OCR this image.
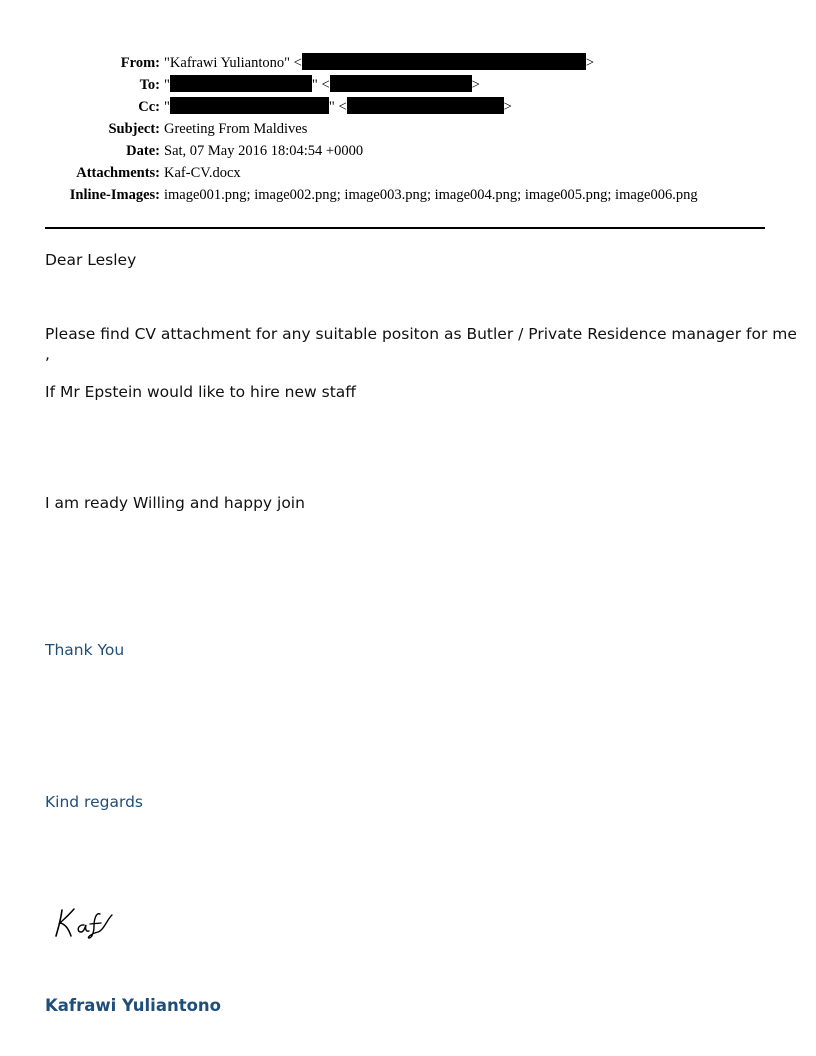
From: "Kafrawi Yuliantono" <	>
To: "	" <	>
Cc: "	" <	>
Subject: Greeting From Maldives
Date: Sat, 07 May 2016 18:04:54 +0000
Attachments: Kaf-CV.docx
Inline-Images: image001.png; image002.png; image003.png; image004.png; image005.png; image006.png
Dear Lesley
Please find CV attachment for any suitable positon as Butler / Private Residence manager for me
,
If Mr Epstein would like to hire new staff
I am ready Willing and happy join
Thank You
Kind regards
Kafrawi Yuliantono
